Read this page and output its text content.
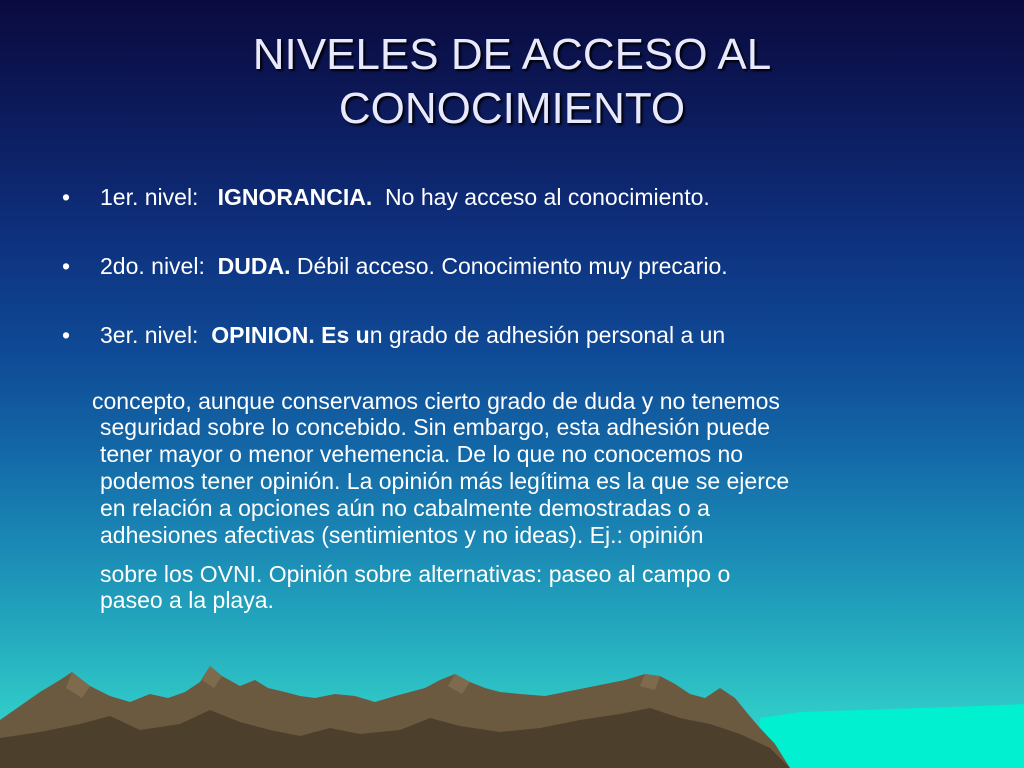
NIVELES DE ACCESO AL
CONOCIMIENTO
• 1er. nivel: IGNORANCIA. No hay acceso al conocimiento.
• 2do. nivel: DUDA. Débil acceso. Conocimiento muy precario.
• 3er. nivel: OPINION. Es un grado de adhesión personal a un
concepto, aunque conservamos cierto grado de duda y no tenemos
seguridad sobre lo concebido. Sin embargo, esta adhesión puede
tener mayor o menor vehemencia. De lo que no conocemos no
podemos tener opinión. La opinión más legítima es la que se ejerce
en relación a opciones aún no cabalmente demostradas o a
adhesiones afectivas (sentimientos y no ideas). Ej.: opinión
sobre los OVNI. Opinión sobre alternativas: paseo al campo o
paseo a la playa.
